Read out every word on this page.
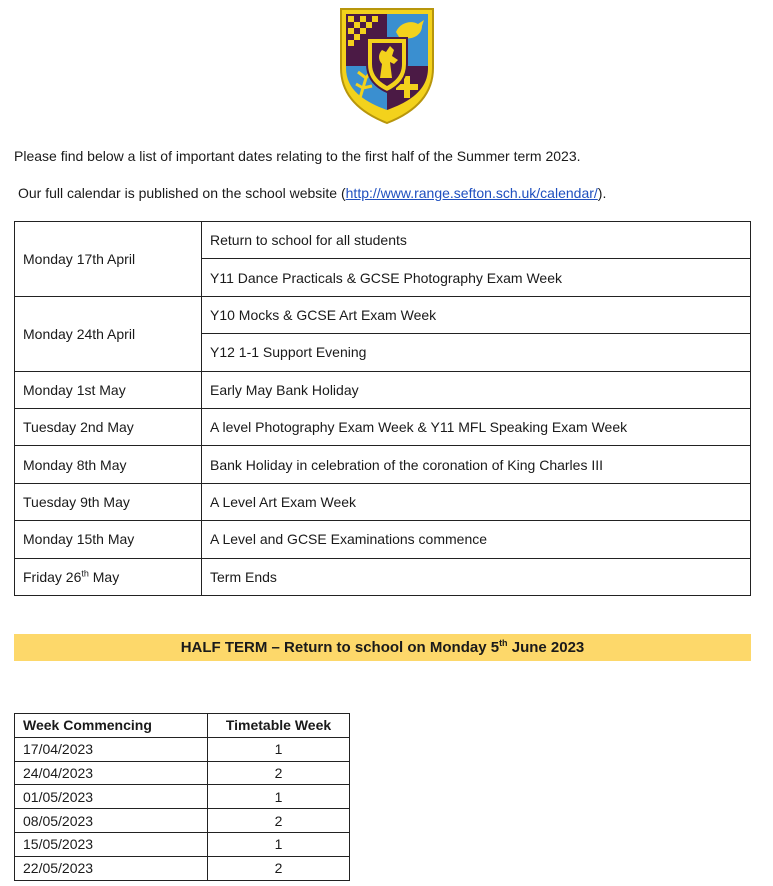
Please find below a list of important dates relating to the first half of the Summer term 2023.
Our full calendar is published on the school website (http://www.range.sefton.sch.uk/calendar/).
Monday 17th April	Return to school for all students
	Y11 Dance Practicals & GCSE Photography Exam Week
Monday 24th April	Y10 Mocks & GCSE Art Exam Week
	Y12 1-1 Support Evening
Monday 1st May	Early May Bank Holiday
Tuesday 2nd May	A level Photography Exam Week & Y11 MFL Speaking Exam Week
Monday 8th May	Bank Holiday in celebration of the coronation of King Charles III
Tuesday 9th May	A Level Art Exam Week
Monday 15th May	A Level and GCSE Examinations commence
Friday 26th May	Term Ends
HALF TERM – Return to school on Monday 5th June 2023
Week Commencing	Timetable Week
17/04/2023	1
24/04/2023	2
01/05/2023	1
08/05/2023	2
15/05/2023	1
22/05/2023	2
